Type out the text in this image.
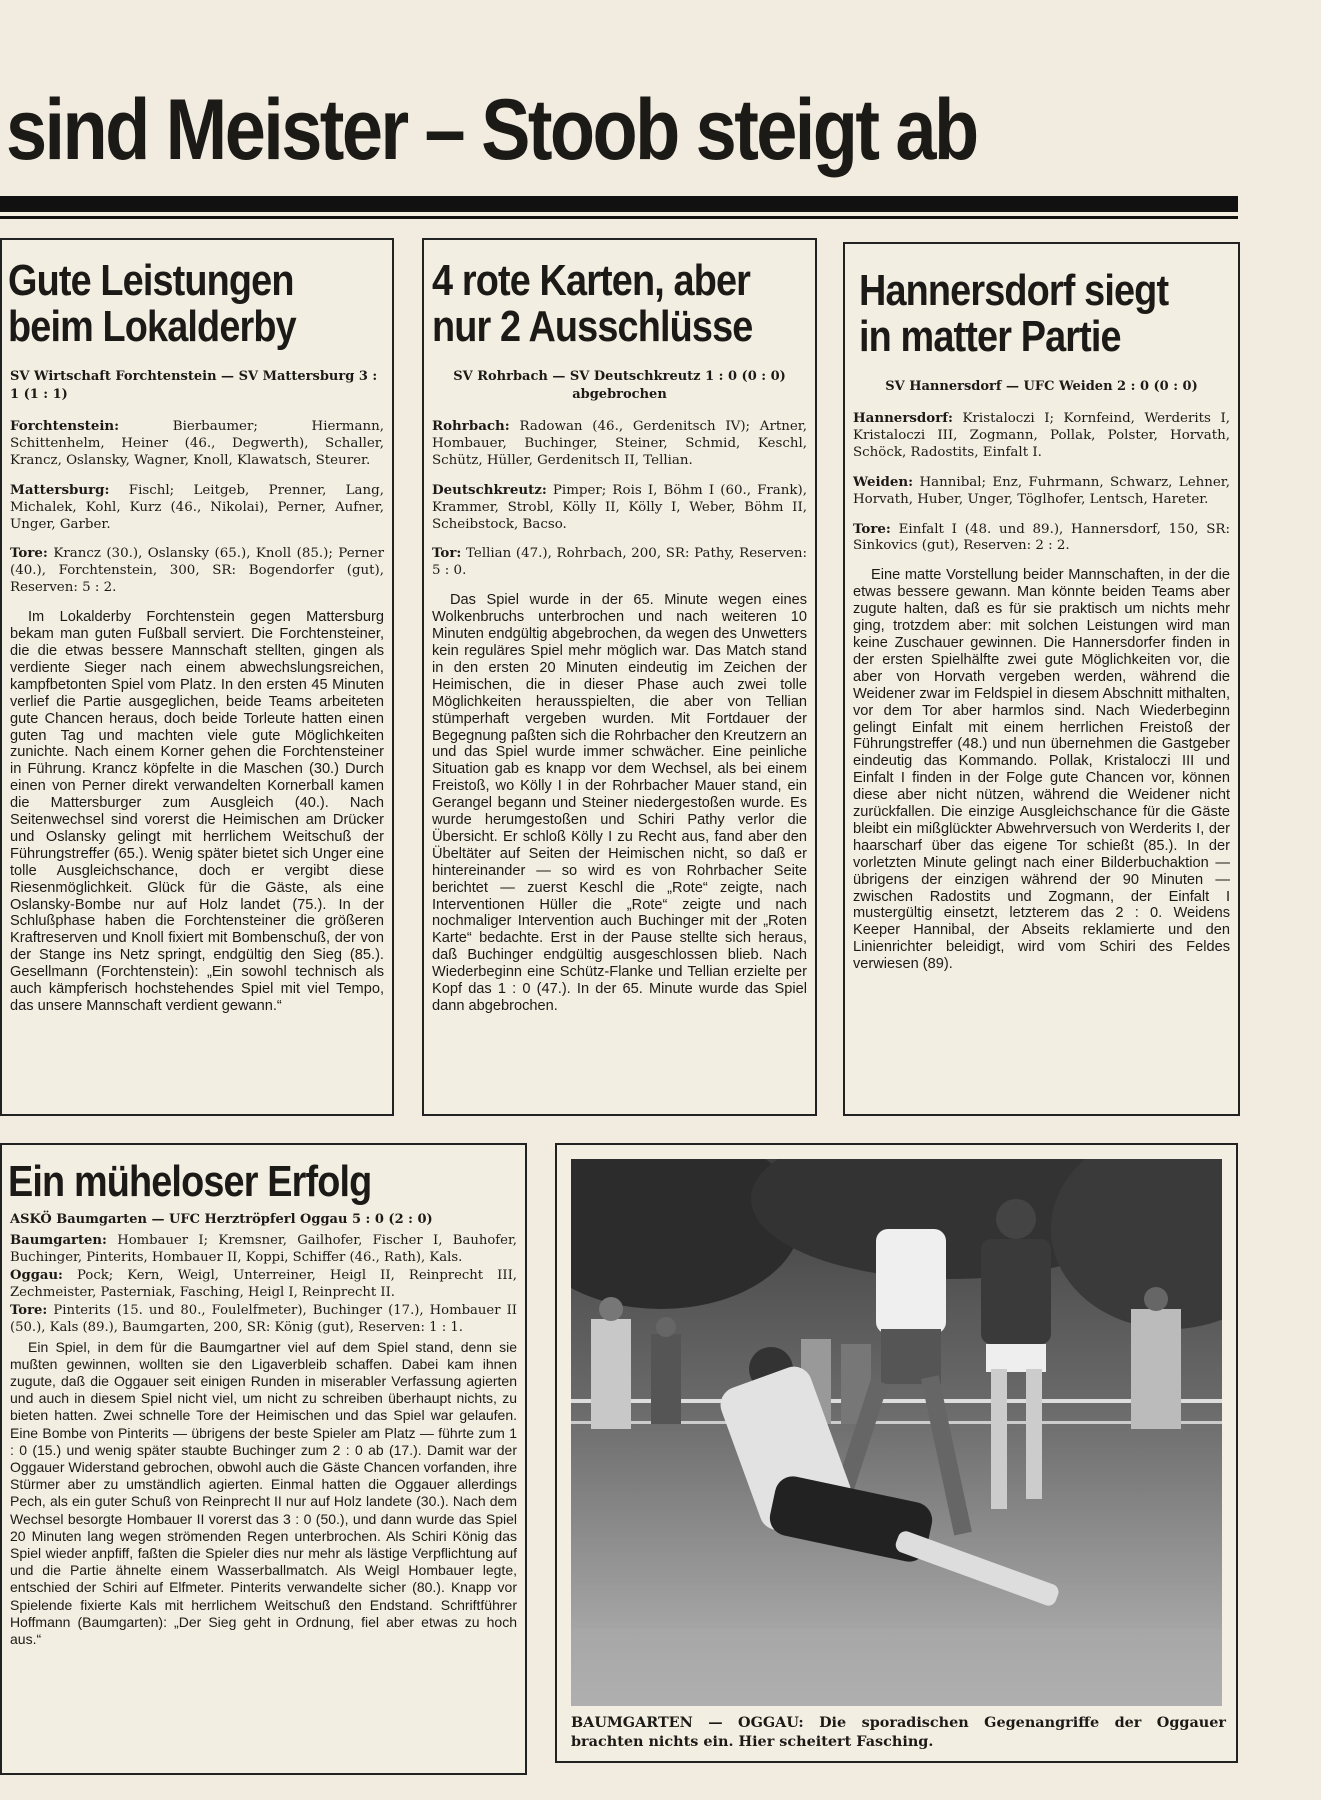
sind Meister – Stoob steigt ab
Gute Leistungen
beim Lokalderby
SV Wirtschaft Forchtenstein — SV Mattersburg 3 : 1 (1 : 1)
Forchtenstein:	Bierbaumer; Hiermann, Schittenhelm, Heiner (46., Degwerth), Schaller, Krancz, Oslansky, Wagner, Knoll, Klawatsch, Steurer.
Mattersburg: Fischl; Leitgeb, Prenner, Lang, Michalek, Kohl, Kurz (46., Nikolai), Perner, Aufner, Unger, Garber.
Tore: Krancz (30.), Oslansky (65.), Knoll (85.); Perner (40.), Forchtenstein, 300, SR: Bogendorfer (gut), Reserven: 5 : 2.
Im Lokalderby Forchtenstein gegen Mattersburg bekam man guten Fußball serviert. Die Forchtensteiner, die die etwas bessere Mannschaft stellten, gingen als verdiente Sieger nach einem abwechslungsreichen, kampfbetonten Spiel vom Platz. In den ersten 45 Minuten verlief die Partie ausgeglichen, beide Teams arbeiteten gute Chancen heraus, doch beide Torleute hatten einen guten Tag und machten viele gute Möglichkeiten zunichte. Nach einem Korner gehen die Forchtensteiner in Führung. Krancz köpfelte in die Maschen (30.) Durch einen von Perner direkt verwandelten Kornerball kamen die Mattersburger zum Ausgleich (40.). Nach Seitenwechsel sind vorerst die Heimischen am Drücker und Oslansky gelingt mit herrlichem Weitschuß der Führungstreffer (65.). Wenig später bietet sich Unger eine tolle Ausgleichschance, doch er vergibt diese Riesenmöglichkeit. Glück für die Gäste, als eine Oslansky-Bombe nur auf Holz landet (75.). In der Schlußphase haben die Forchtensteiner die größeren Kraftreserven und Knoll fixiert mit Bombenschuß, der von der Stange ins Netz springt, endgültig den Sieg (85.). Gesellmann (Forchtenstein): „Ein sowohl technisch als auch kämpferisch hochstehendes Spiel mit viel Tempo, das unsere Mannschaft verdient gewann.“
4 rote Karten, aber
nur 2 Ausschlüsse
SV Rohrbach — SV Deutschkreutz 1 : 0 (0 : 0) abgebrochen
Rohrbach: Radowan (46., Gerdenitsch IV); Artner, Hombauer, Buchinger, Steiner, Schmid, Keschl, Schütz, Hüller, Gerdenitsch II, Tellian.
Deutschkreutz: Pimper; Rois I, Böhm I (60., Frank), Krammer, Strobl, Kölly II, Kölly I, Weber, Böhm II, Scheibstock, Bacso.
Tor: Tellian (47.), Rohrbach, 200, SR: Pathy, Reserven: 5 : 0.
Das Spiel wurde in der 65. Minute wegen eines Wolkenbruchs unterbrochen und nach weiteren 10 Minuten endgültig abgebrochen, da wegen des Unwetters kein reguläres Spiel mehr möglich war. Das Match stand in den ersten 20 Minuten eindeutig im Zeichen der Heimischen, die in dieser Phase auch zwei tolle Möglichkeiten herausspielten, die aber von Tellian stümperhaft vergeben wurden. Mit Fortdauer der Begegnung paßten sich die Rohrbacher den Kreutzern an und das Spiel wurde immer schwächer. Eine peinliche Situation gab es knapp vor dem Wechsel, als bei einem Freistoß, wo Kölly I in der Rohrbacher Mauer stand, ein Gerangel begann und Steiner niedergestoßen wurde. Es wurde herumgestoßen und Schiri Pathy verlor die Übersicht. Er schloß Kölly I zu Recht aus, fand aber den Übeltäter auf Seiten der Heimischen nicht, so daß er hintereinander — so wird es von Rohrbacher Seite berichtet — zuerst Keschl die „Rote“ zeigte, nach Interventionen Hüller die „Rote“ zeigte und nach nochmaliger Intervention auch Buchinger mit der „Roten Karte“ bedachte. Erst in der Pause stellte sich heraus, daß Buchinger endgültig ausgeschlossen blieb. Nach Wiederbeginn eine Schütz-Flanke und Tellian erzielte per Kopf das 1 : 0 (47.). In der 65. Minute wurde das Spiel dann abgebrochen.
Hannersdorf siegt
in matter Partie
SV Hannersdorf — UFC Weiden 2 : 0 (0 : 0)
Hannersdorf: Kristaloczi I; Kornfeind, Werderits I, Kristaloczi III, Zogmann, Pollak, Polster, Horvath, Schöck, Radostits, Einfalt I.
Weiden: Hannibal; Enz, Fuhrmann, Schwarz, Lehner, Horvath, Huber, Unger, Töglhofer, Lentsch, Hareter.
Tore: Einfalt I (48. und 89.), Hannersdorf, 150, SR: Sinkovics (gut), Reserven: 2 : 2.
Eine matte Vorstellung beider Mannschaften, in der die etwas bessere gewann. Man könnte beiden Teams aber zugute halten, daß es für sie praktisch um nichts mehr ging, trotzdem aber: mit solchen Leistungen wird man keine Zuschauer gewinnen. Die Hannersdorfer finden in der ersten Spielhälfte zwei gute Möglichkeiten vor, die aber von Horvath vergeben werden, während die Weidener zwar im Feldspiel in diesem Abschnitt mithalten, vor dem Tor aber harmlos sind. Nach Wiederbeginn gelingt Einfalt mit einem herrlichen Freistoß der Führungstreffer (48.) und nun übernehmen die Gastgeber eindeutig das Kommando. Pollak, Kristaloczi III und Einfalt I finden in der Folge gute Chancen vor, können diese aber nicht nützen, während die Weidener nicht zurückfallen. Die einzige Ausgleichschance für die Gäste bleibt ein mißglückter Abwehrversuch von Werderits I, der haarscharf über das eigene Tor schießt (85.). In der vorletzten Minute gelingt nach einer Bilderbuchaktion — übrigens der einzigen während der 90 Minuten — zwischen Radostits und Zogmann, der Einfalt I mustergültig einsetzt, letzterem das 2 : 0. Weidens Keeper Hannibal, der Abseits reklamierte und den Linienrichter beleidigt, wird vom Schiri des Feldes verwiesen (89).
Ein müheloser Erfolg
ASKÖ Baumgarten — UFC Herztröpferl Oggau 5 : 0 (2 : 0)
Baumgarten: Hombauer I; Kremsner, Gailhofer, Fischer I, Bauhofer, Buchinger, Pinterits, Hombauer II, Koppi, Schiffer (46., Rath), Kals.
Oggau: Pock; Kern, Weigl, Unterreiner, Heigl II, Reinprecht III, Zechmeister, Pasterniak, Fasching, Heigl I, Reinprecht II.
Tore: Pinterits (15. und 80., Foulelfmeter), Buchinger (17.), Hombauer II (50.), Kals (89.), Baumgarten, 200, SR: König (gut), Reserven: 1 : 1.
Ein Spiel, in dem für die Baumgartner viel auf dem Spiel stand, denn sie mußten gewinnen, wollten sie den Ligaverbleib schaffen. Dabei kam ihnen zugute, daß die Oggauer seit einigen Runden in miserabler Verfassung agierten und auch in diesem Spiel nicht viel, um nicht zu schreiben überhaupt nichts, zu bieten hatten. Zwei schnelle Tore der Heimischen und das Spiel war gelaufen. Eine Bombe von Pinterits — übrigens der beste Spieler am Platz — führte zum 1 : 0 (15.) und wenig später staubte Buchinger zum 2 : 0 ab (17.). Damit war der Oggauer Widerstand gebrochen, obwohl auch die Gäste Chancen vorfanden, ihre Stürmer aber zu umständlich agierten. Einmal hatten die Oggauer allerdings Pech, als ein guter Schuß von Reinprecht II nur auf Holz landete (30.). Nach dem Wechsel besorgte Hombauer II vorerst das 3 : 0 (50.), und dann wurde das Spiel 20 Minuten lang wegen strömenden Regen unterbrochen. Als Schiri König das Spiel wieder anpfiff, faßten die Spieler dies nur mehr als lästige Verpflichtung auf und die Partie ähnelte einem Wasserballmatch. Als Weigl Hombauer legte, entschied der Schiri auf Elfmeter. Pinterits verwandelte sicher (80.). Knapp vor Spielende fixierte Kals mit herrlichem Weitschuß den Endstand. Schriftführer Hoffmann (Baumgarten): „Der Sieg geht in Ordnung, fiel aber etwas zu hoch aus.“
BAUMGARTEN — OGGAU: Die sporadischen Gegenangriffe der Oggauer brachten nichts ein. Hier scheitert Fasching.
